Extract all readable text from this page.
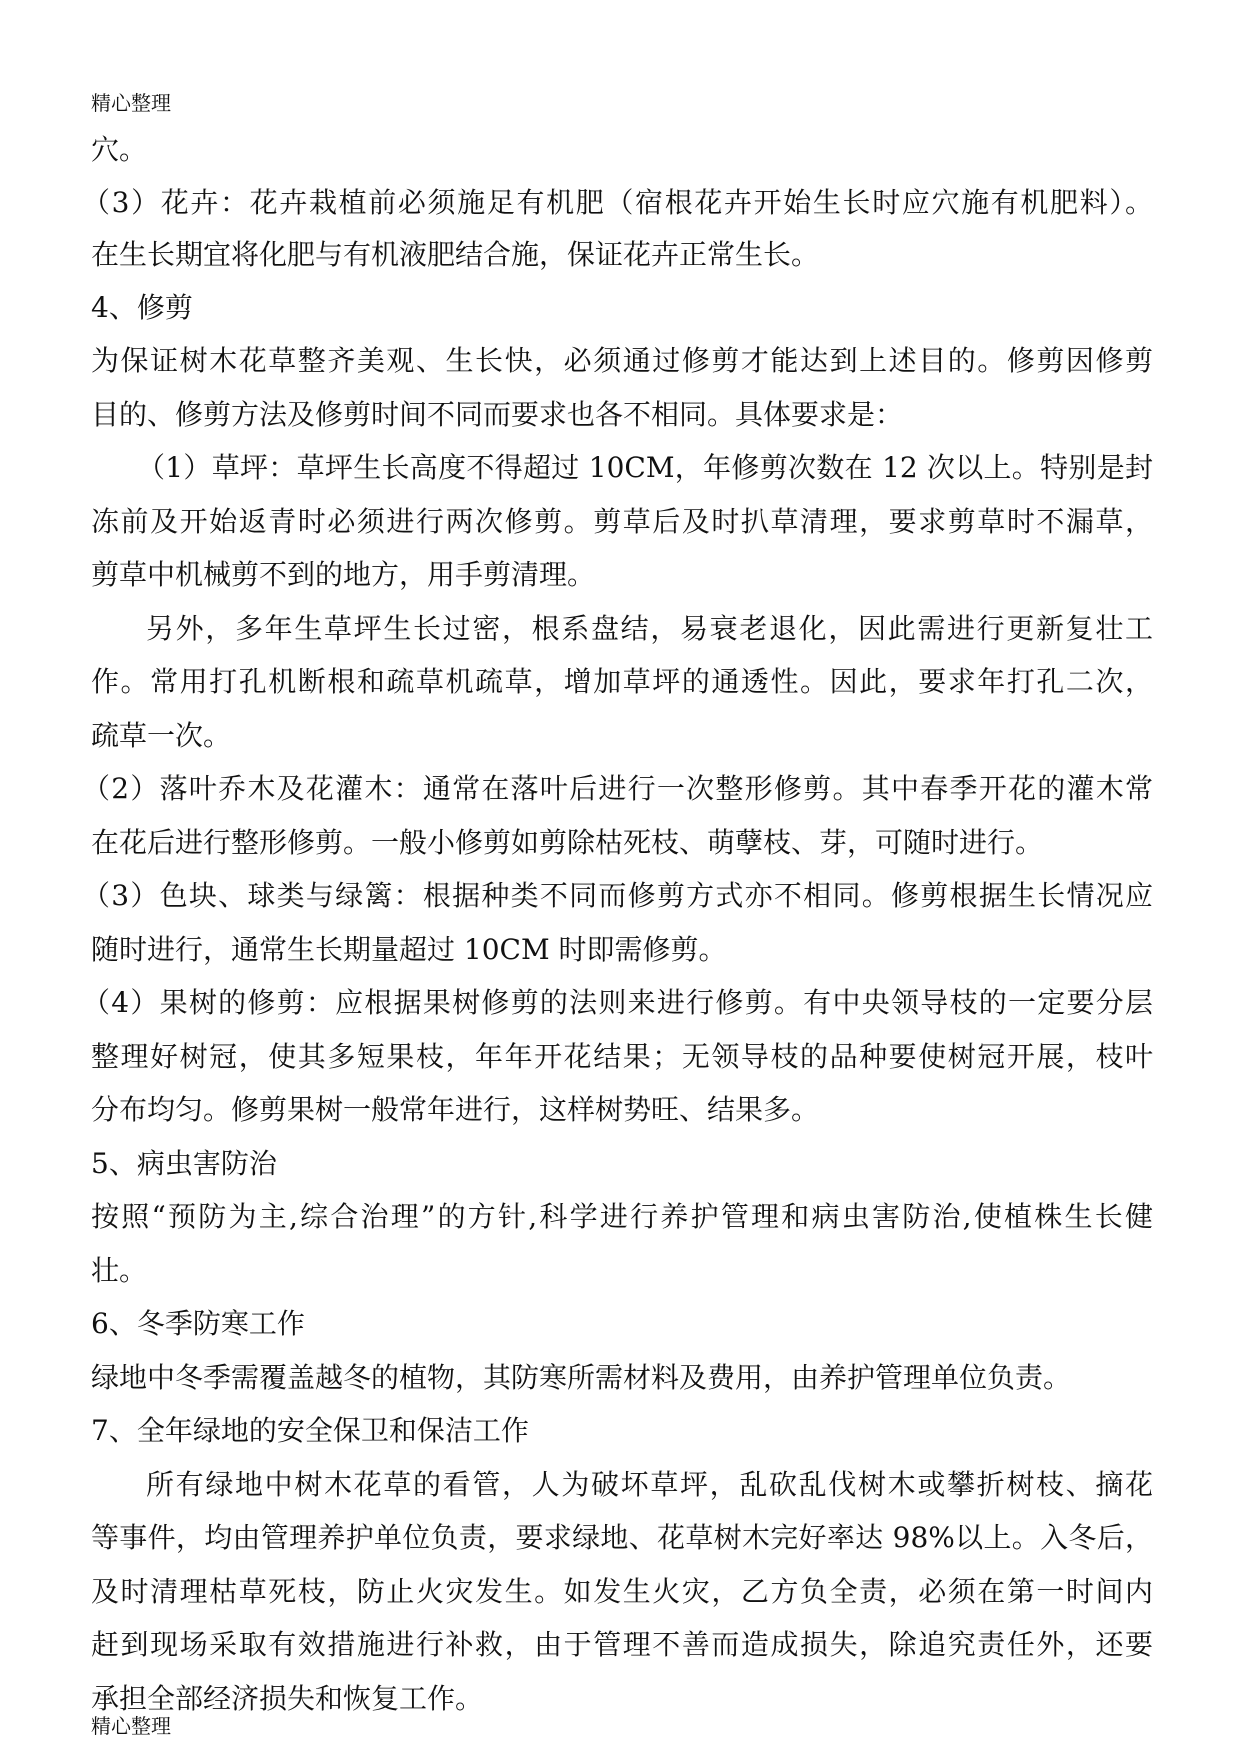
精心整理
穴。
（3）花卉：花卉栽植前必须施足有机肥（宿根花卉开始生长时应穴施有机肥料）。
在生长期宜将化肥与有机液肥结合施，保证花卉正常生长。
4、修剪
为保证树木花草整齐美观、生长快，必须通过修剪才能达到上述目的。修剪因修剪
目的、修剪方法及修剪时间不同而要求也各不相同。具体要求是：
（1）草坪：草坪生长高度不得超过 10CM，年修剪次数在 12 次以上。特别是封
冻前及开始返青时必须进行两次修剪。剪草后及时扒草清理，要求剪草时不漏草，
剪草中机械剪不到的地方，用手剪清理。
另外，多年生草坪生长过密，根系盘结，易衰老退化，因此需进行更新复壮工
作。常用打孔机断根和疏草机疏草，增加草坪的通透性。因此，要求年打孔二次，
疏草一次。
（2）落叶乔木及花灌木：通常在落叶后进行一次整形修剪。其中春季开花的灌木常
在花后进行整形修剪。一般小修剪如剪除枯死枝、萌孽枝、芽，可随时进行。
（3）色块、球类与绿篱：根据种类不同而修剪方式亦不相同。修剪根据生长情况应
随时进行，通常生长期量超过 10CM 时即需修剪。
（4）果树的修剪：应根据果树修剪的法则来进行修剪。有中央领导枝的一定要分层
整理好树冠，使其多短果枝，年年开花结果；无领导枝的品种要使树冠开展，枝叶
分布均匀。修剪果树一般常年进行，这样树势旺、结果多。
5、病虫害防治
按照“预防为主,综合治理”的方针,科学进行养护管理和病虫害防治,使植株生长健
壮。
6、冬季防寒工作
绿地中冬季需覆盖越冬的植物，其防寒所需材料及费用，由养护管理单位负责。
7、全年绿地的安全保卫和保洁工作
所有绿地中树木花草的看管，人为破坏草坪，乱砍乱伐树木或攀折树枝、摘花
等事件，均由管理养护单位负责，要求绿地、花草树木完好率达 98%以上。入冬后，
及时清理枯草死枝，防止火灾发生。如发生火灾，乙方负全责，必须在第一时间内
赶到现场采取有效措施进行补救，由于管理不善而造成损失，除追究责任外，还要
承担全部经济损失和恢复工作。
精心整理
